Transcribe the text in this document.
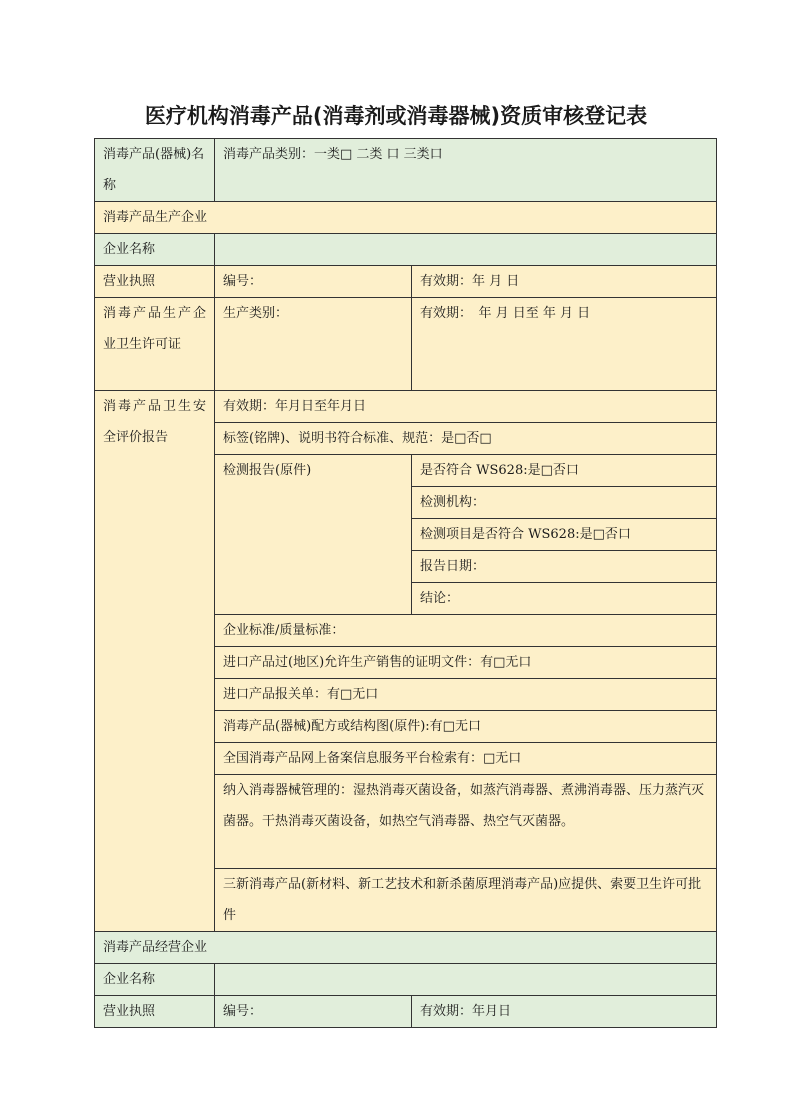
医疗机构消毒产品(消毒剂或消毒器械)资质审核登记表
消毒产品(器械)名称	消毒产品类别：一类□ 二类 口 三类口	
消毒产品生产企业		
企业名称		
营业执照	编号：	有效期：年 月 日
消毒产品生产企业卫生许可证	生产类别：	有效期：　年 月 日至 年 月 日
消毒产品卫生安全评价报告	有效期：年月日至年月日	
	标签(铭牌)、说明书符合标准、规范：是□否□	
	检测报告(原件)	是否符合 WS628:是□否口
		检测机构：
		检测项目是否符合 WS628:是□否口
		报告日期：
		结论：
	企业标准/质量标准：	
	进口产品过(地区)允许生产销售的证明文件：有□无口	
	进口产品报关单：有□无口	
	消毒产品(器械)配方或结构图(原件):有□无口	
	全国消毒产品网上备案信息服务平台检索有：□无口	
	纳入消毒器械管理的：湿热消毒灭菌设备，如蒸汽消毒器、煮沸消毒器、压力蒸汽灭菌器。干热消毒灭菌设备，如热空气消毒器、热空气灭菌器。	
	三新消毒产品(新材料、新工艺技术和新杀菌原理消毒产品)应提供、索要卫生许可批件	
消毒产品经营企业		
企业名称		
营业执照	编号：	有效期：年月日
